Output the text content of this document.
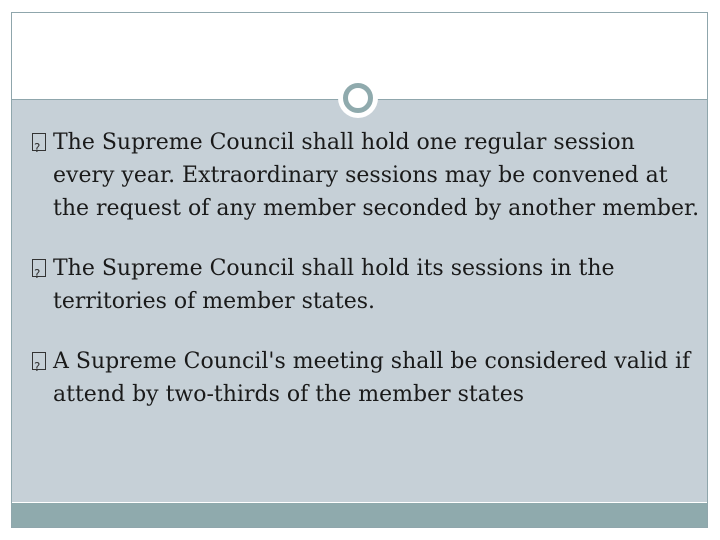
?
The Supreme Council shall hold one regular session every year. Extraordinary sessions may be convened at the request of any member seconded by another member.
?
The Supreme Council shall hold its sessions in the territories of member states.
?
A Supreme Council's meeting shall be considered valid if attend by two-thirds of the member states
